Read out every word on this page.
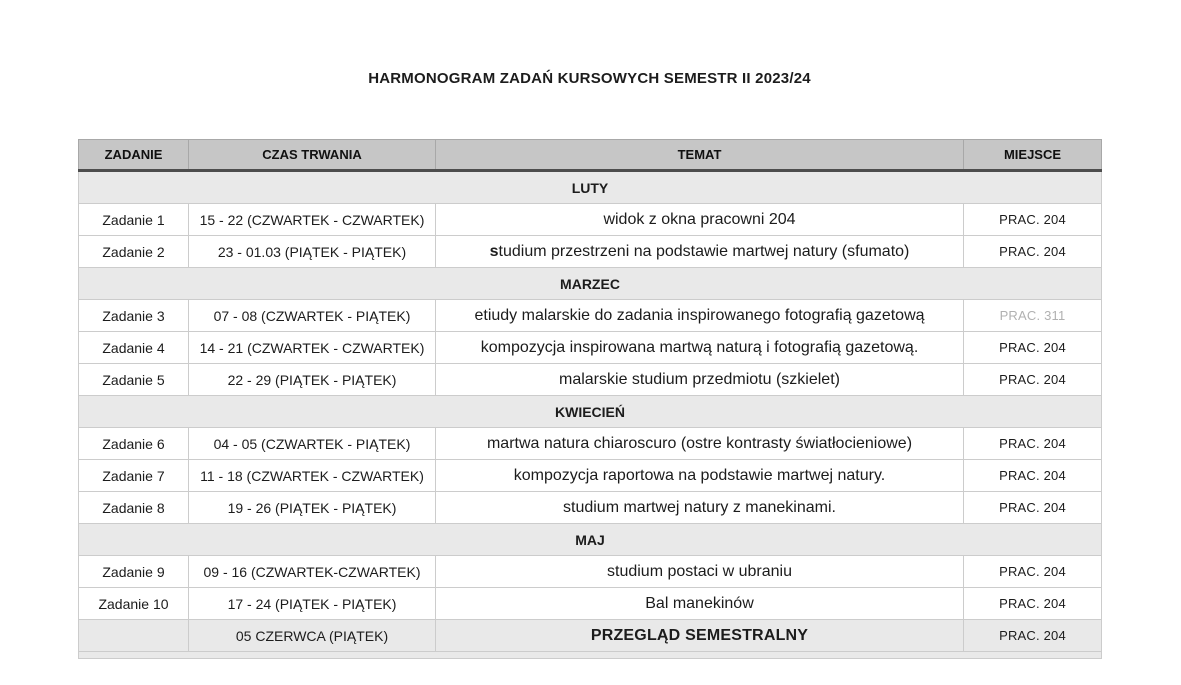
HARMONOGRAM ZADAŃ KURSOWYCH SEMESTR II 2023/24
ZADANIE	CZAS TRWANIA	TEMAT	MIEJSCE
LUTY			
Zadanie 1	15 - 22 (CZWARTEK - CZWARTEK)	widok z okna pracowni 204	PRAC. 204
Zadanie 2	23 - 01.03 (PIĄTEK - PIĄTEK)	studium przestrzeni na podstawie martwej natury (sfumato)	PRAC. 204
MARZEC			
Zadanie 3	07 - 08 (CZWARTEK - PIĄTEK)	etiudy malarskie do zadania inspirowanego fotografią gazetową	PRAC. 311
Zadanie 4	14 - 21 (CZWARTEK - CZWARTEK)	kompozycja inspirowana martwą naturą i fotografią gazetową.	PRAC. 204
Zadanie 5	22 - 29 (PIĄTEK - PIĄTEK)	malarskie studium przedmiotu (szkielet)	PRAC. 204
KWIECIEŃ			
Zadanie 6	04 - 05 (CZWARTEK - PIĄTEK)	martwa natura chiaroscuro (ostre kontrasty światłocieniowe)	PRAC. 204
Zadanie 7	11 - 18 (CZWARTEK - CZWARTEK)	kompozycja raportowa na podstawie martwej natury.	PRAC. 204
Zadanie 8	19 - 26 (PIĄTEK - PIĄTEK)	studium martwej natury z manekinami.	PRAC. 204
MAJ			
Zadanie 9	09 - 16 (CZWARTEK-CZWARTEK)	studium postaci w ubraniu	PRAC. 204
Zadanie 10	17 - 24 (PIĄTEK - PIĄTEK)	Bal manekinów	PRAC. 204
	05 CZERWCA (PIĄTEK)	PRZEGLĄD SEMESTRALNY	PRAC. 204
